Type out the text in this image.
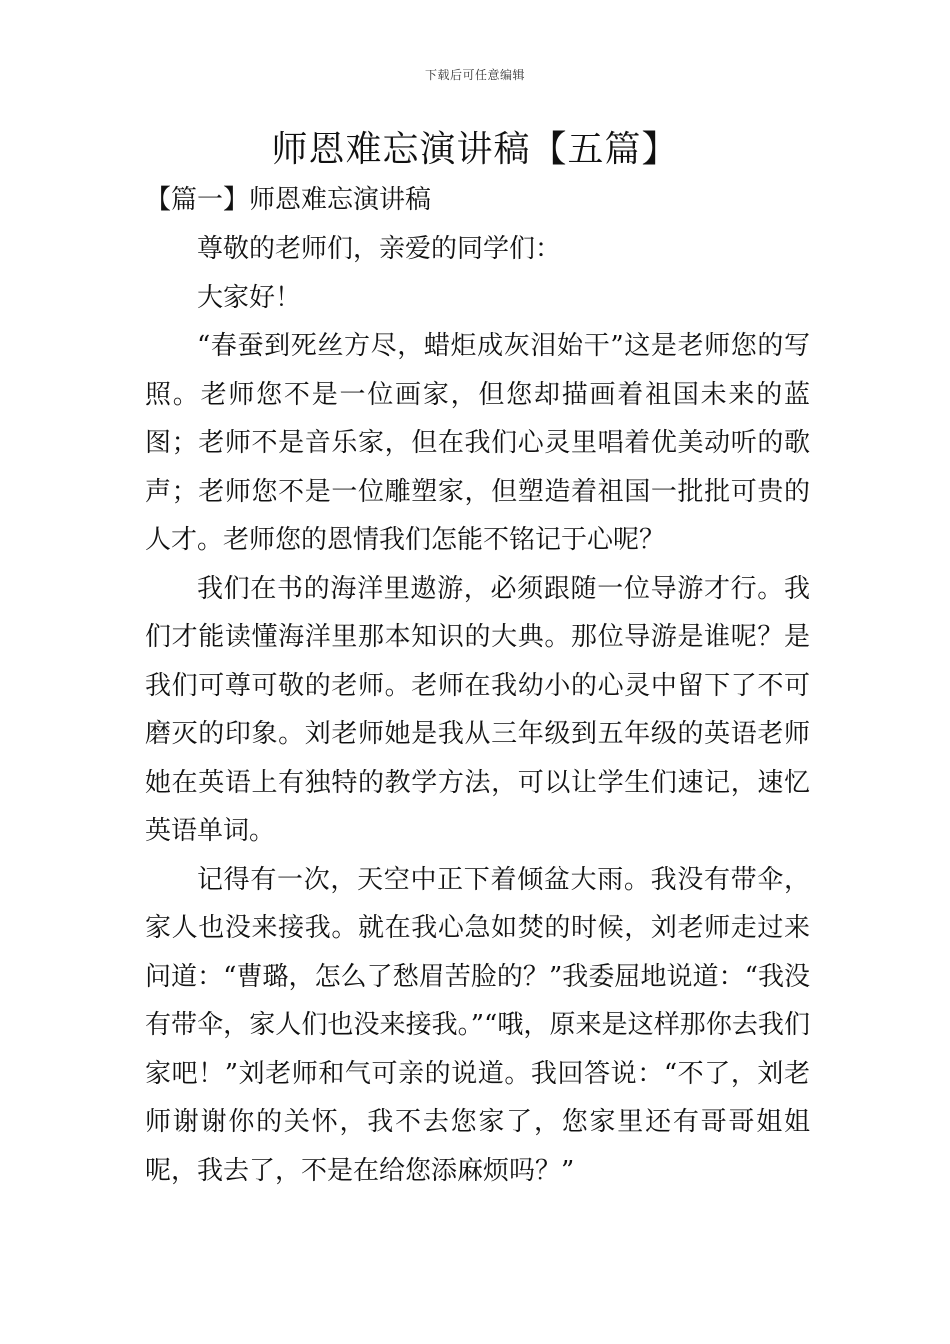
下载后可任意编辑
师恩难忘演讲稿【五篇】
【篇一】师恩难忘演讲稿

尊敬的老师们，亲爱的同学们：

大家好！

“春蚕到死丝方尽，蜡炬成灰泪始干”这是老师您的写照。老师您不是一位画家，但您却描画着祖国未来的蓝图；老师不是音乐家，但在我们心灵里唱着优美动听的歌声；老师您不是一位雕塑家，但塑造着祖国一批批可贵的人才。老师您的恩情我们怎能不铭记于心呢？

我们在书的海洋里遨游，必须跟随一位导游才行。我们才能读懂海洋里那本知识的大典。那位导游是谁呢？是我们可尊可敬的老师。老师在我幼小的心灵中留下了不可磨灭的印象。刘老师她是我从三年级到五年级的英语老师她在英语上有独特的教学方法，可以让学生们速记，速忆英语单词。

记得有一次，天空中正下着倾盆大雨。我没有带伞，家人也没来接我。就在我心急如焚的时候，刘老师走过来问道：“曹璐，怎么了愁眉苦脸的？”我委屈地说道：“我没有带伞，家人们也没来接我。”“哦，原来是这样那你去我们家吧！”刘老师和气可亲的说道。我回答说：“不了，刘老师谢谢你的关怀，我不去您家了，您家里还有哥哥姐姐呢，我去了，不是在给您添麻烦吗？”
